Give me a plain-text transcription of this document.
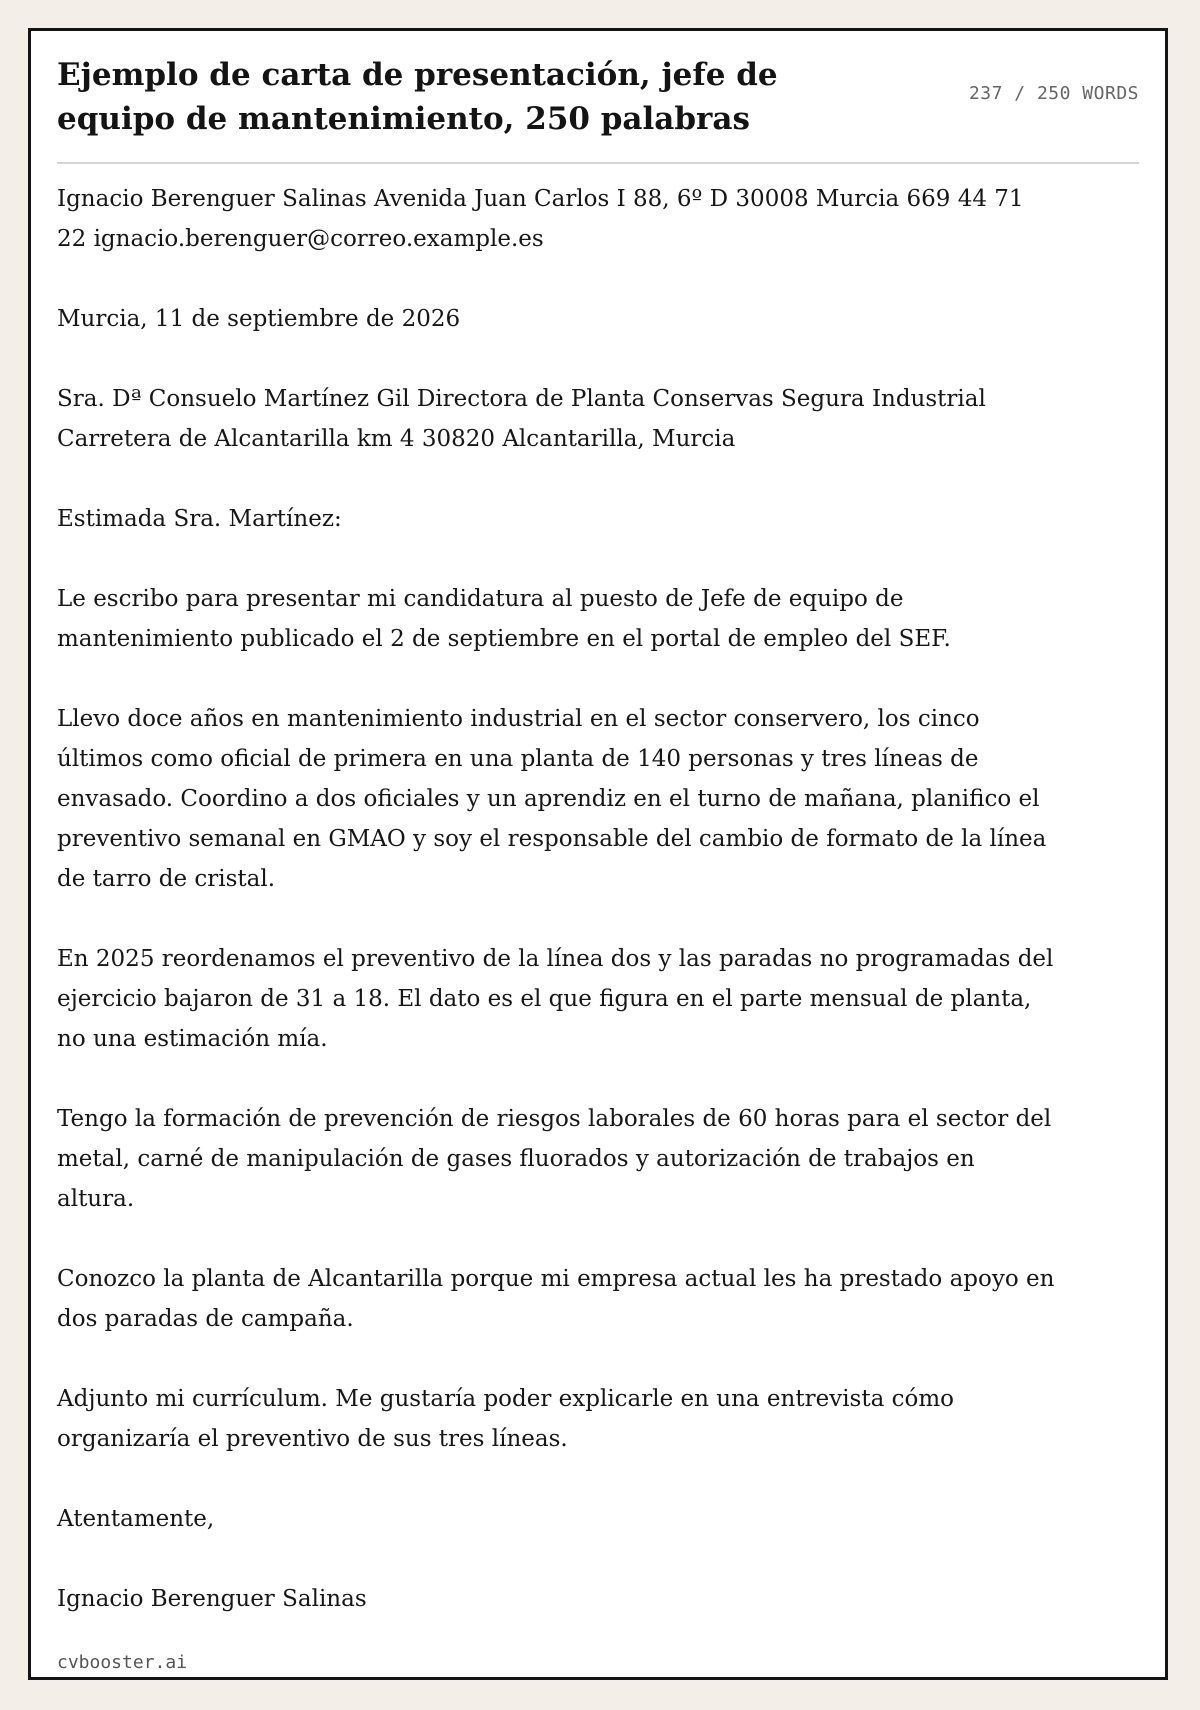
Ejemplo de carta de presentación, jefe de equipo de mantenimiento, 250 palabras
237 / 250 WORDS

Ignacio Berenguer Salinas Avenida Juan Carlos I 88, 6º D 30008 Murcia 669 44 71 22 ignacio.berenguer@correo.example.es

Murcia, 11 de septiembre de 2026

Sra. Dª Consuelo Martínez Gil Directora de Planta Conservas Segura Industrial Carretera de Alcantarilla km 4 30820 Alcantarilla, Murcia

Estimada Sra. Martínez:

Le escribo para presentar mi candidatura al puesto de Jefe de equipo de mantenimiento publicado el 2 de septiembre en el portal de empleo del SEF.

Llevo doce años en mantenimiento industrial en el sector conservero, los cinco últimos como oficial de primera en una planta de 140 personas y tres líneas de envasado. Coordino a dos oficiales y un aprendiz en el turno de mañana, planifico el preventivo semanal en GMAO y soy el responsable del cambio de formato de la línea de tarro de cristal.

En 2025 reordenamos el preventivo de la línea dos y las paradas no programadas del ejercicio bajaron de 31 a 18. El dato es el que figura en el parte mensual de planta, no una estimación mía.

Tengo la formación de prevención de riesgos laborales de 60 horas para el sector del metal, carné de manipulación de gases fluorados y autorización de trabajos en altura.

Conozco la planta de Alcantarilla porque mi empresa actual les ha prestado apoyo en dos paradas de campaña.

Adjunto mi currículum. Me gustaría poder explicarle en una entrevista cómo organizaría el preventivo de sus tres líneas.

Atentamente,

Ignacio Berenguer Salinas

cvbooster.ai
